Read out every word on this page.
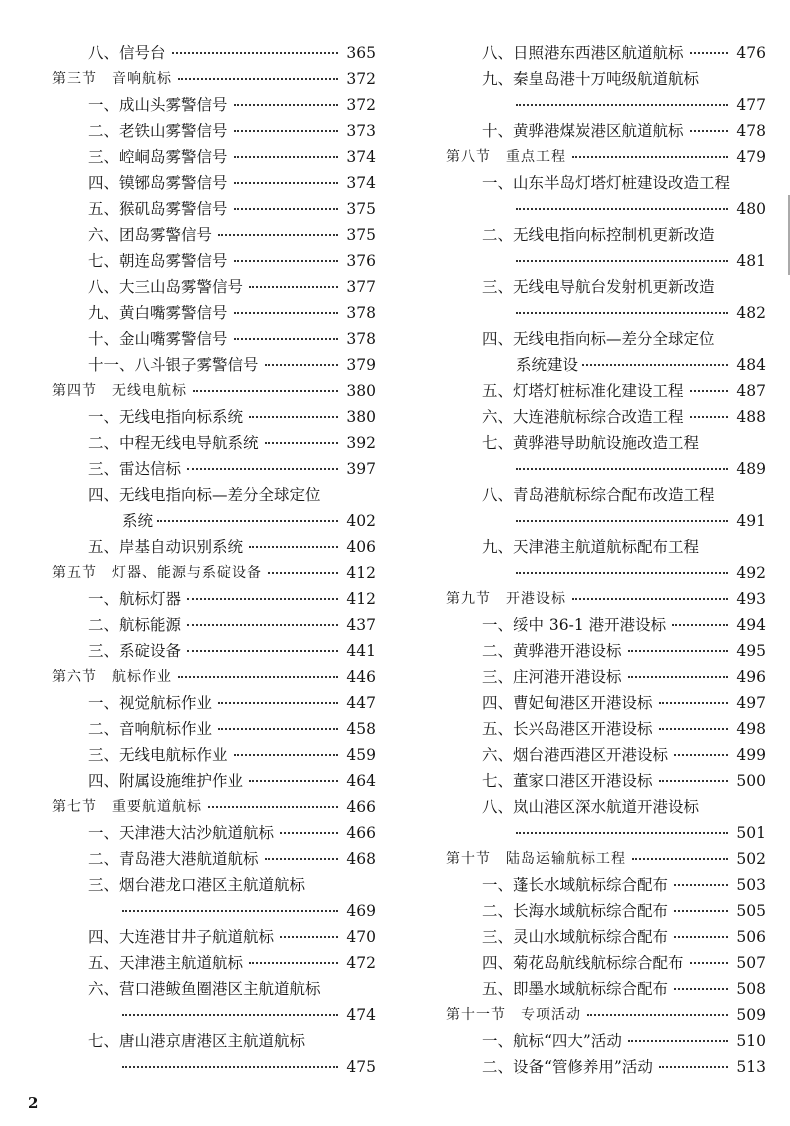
八、信号台	365
第三节　音响航标	372
一、成山头雾警信号	372
二、老铁山雾警信号	373
三、崆峒岛雾警信号	374
四、镆铘岛雾警信号	374
五、猴矶岛雾警信号	375
六、团岛雾警信号	375
七、朝连岛雾警信号	376
八、大三山岛雾警信号	377
九、黄白嘴雾警信号	378
十、金山嘴雾警信号	378
十一、八斗银子雾警信号	379
第四节　无线电航标	380
一、无线电指向标系统	380
二、中程无线电导航系统	392
三、雷达信标	397
四、无线电指向标—差分全球定位
系统	402
五、岸基自动识别系统	406
第五节　灯器、能源与系碇设备	412
一、航标灯器	412
二、航标能源	437
三、系碇设备	441
第六节　航标作业	446
一、视觉航标作业	447
二、音响航标作业	458
三、无线电航标作业	459
四、附属设施维护作业	464
第七节　重要航道航标	466
一、天津港大沽沙航道航标	466
二、青岛港大港航道航标	468
三、烟台港龙口港区主航道航标
469
四、大连港甘井子航道航标	470
五、天津港主航道航标	472
六、营口港鲅鱼圈港区主航道航标
474
七、唐山港京唐港区主航道航标
475
八、日照港东西港区航道航标	476
九、秦皇岛港十万吨级航道航标
477
十、黄骅港煤炭港区航道航标	478
第八节　重点工程	479
一、山东半岛灯塔灯桩建设改造工程
480
二、无线电指向标控制机更新改造
481
三、无线电导航台发射机更新改造
482
四、无线电指向标—差分全球定位
系统建设	484
五、灯塔灯桩标准化建设工程	487
六、大连港航标综合改造工程	488
七、黄骅港导助航设施改造工程
489
八、青岛港航标综合配布改造工程
491
九、天津港主航道航标配布工程
492
第九节　开港设标	493
一、绥中 36-1 港开港设标	494
二、黄骅港开港设标	495
三、庄河港开港设标	496
四、曹妃甸港区开港设标	497
五、长兴岛港区开港设标	498
六、烟台港西港区开港设标	499
七、董家口港区开港设标	500
八、岚山港区深水航道开港设标
501
第十节　陆岛运输航标工程	502
一、蓬长水域航标综合配布	503
二、长海水域航标综合配布	505
三、灵山水域航标综合配布	506
四、菊花岛航线航标综合配布	507
五、即墨水域航标综合配布	508
第十一节　专项活动	509
一、航标“四大”活动	510
二、设备“管修养用”活动	513
2
